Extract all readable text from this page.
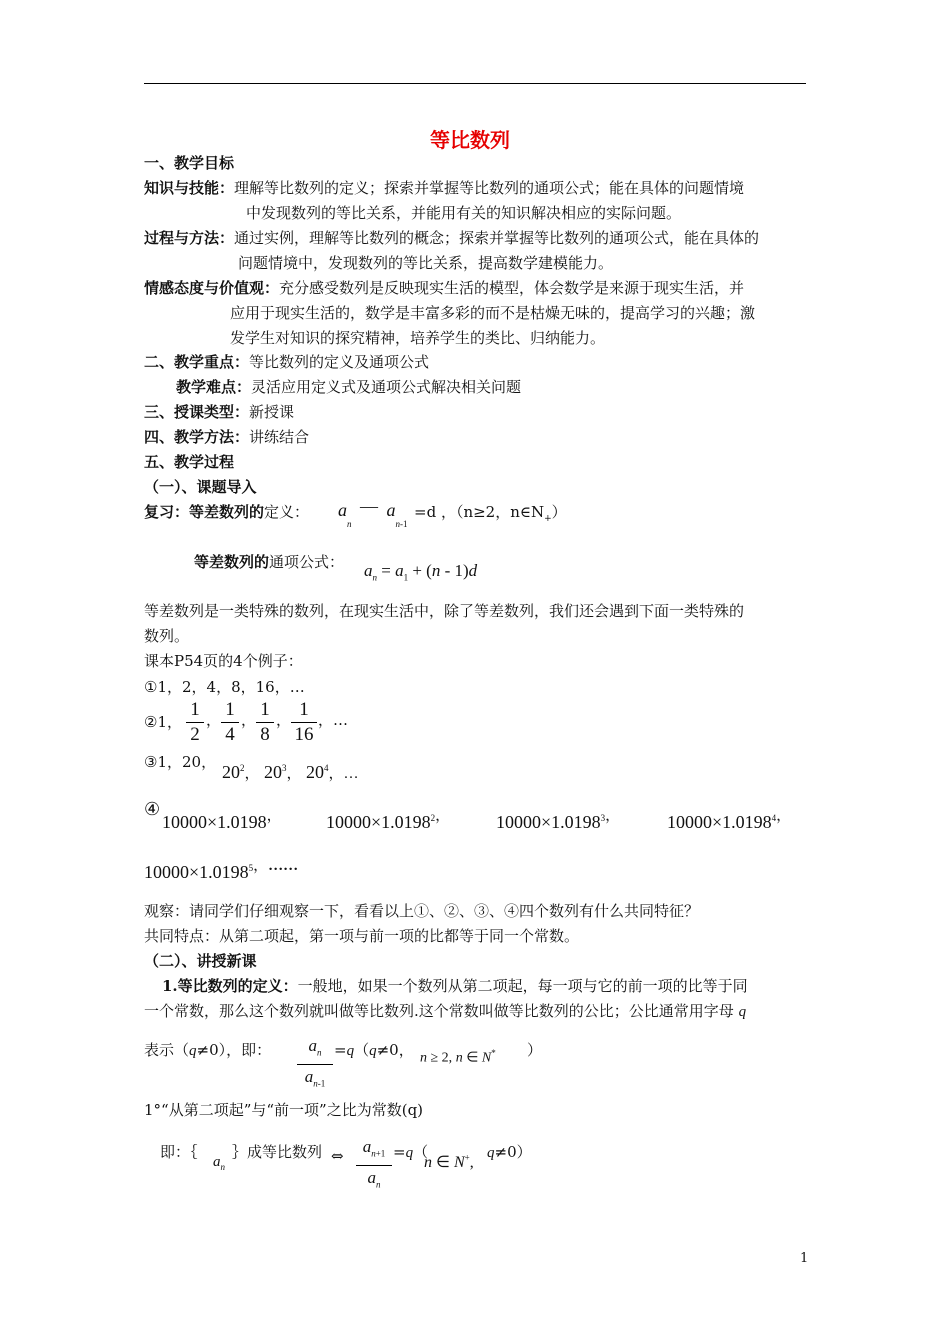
等比数列
一、教学目标
知识与技能：理解等比数列的定义；探索并掌握等比数列的通项公式；能在具体的问题情境
中发现数列的等比关系，并能用有关的知识解决相应的实际问题。
过程与方法：通过实例，理解等比数列的概念；探索并掌握等比数列的通项公式，能在具体的
问题情境中，发现数列的等比关系，提高数学建模能力。
情感态度与价值观：充分感受数列是反映现实生活的模型，体会数学是来源于现实生活，并
应用于现实生活的，数学是丰富多彩的而不是枯燥无味的，提高学习的兴趣；激
发学生对知识的探究精神，培养学生的类比、归纳能力。
二、教学重点：等比数列的定义及通项公式
教学难点：灵活应用定义式及通项公式解决相关问题
三、授课类型：新授课
四、教学方法：讲练结合
五、教学过程
（一）、课题导入
复习：等差数列的定义： $a_n$ — $a_{n-1}$
=d ，（n≥2，$n\in N_+$）
等差数列的通项公式： $a_n = a_1 + (n - 1)d$
等差数列是一类特殊的数列，在现实生活中，除了等差数列，我们还会遇到下面一类特殊的
数列。
课本P54页的4个例子：
①1，2，4，8，16，…
②1，
1
2
， 1
4
， 1
8
， 1
16
，…
③1，20， $20^2$， $20^3$， $20^4$，…
④
10000×1.0198， $10000\times 1.0198^{2,}$	$10000\times 1.0198^{3,}$	$10000\times 1.0198^{4,}$
$10000\times 1.0198^{5,\dots\dots}$
观察：请同学们仔细观察一下，看看以上①、②、③、④四个数列有什么共同特征？
共同特点：从第二项起，第一项与前一项的比都等于同一个常数。
（二）、讲授新课
1.等比数列的定义：一般地，如果一个数列从第二项起，每一项与它的前一项的比等于同
一个常数，那么这个数列就叫做等比数列.这个常数叫做等比数列的公比；公比通常用字母 q
表示（q≠0），即：	$a_n$
$a_{n-1}$
=q（q≠0， n ≥ 2, n ∈ N* ）
1°“从第二项起”与“前一项”之比为常数(q)
即：｛
$a_n$
｝成等比数列 ⇔	$a_{n+1}$
$a_n$
=q（
n ∈ N+,
q≠0）
1
